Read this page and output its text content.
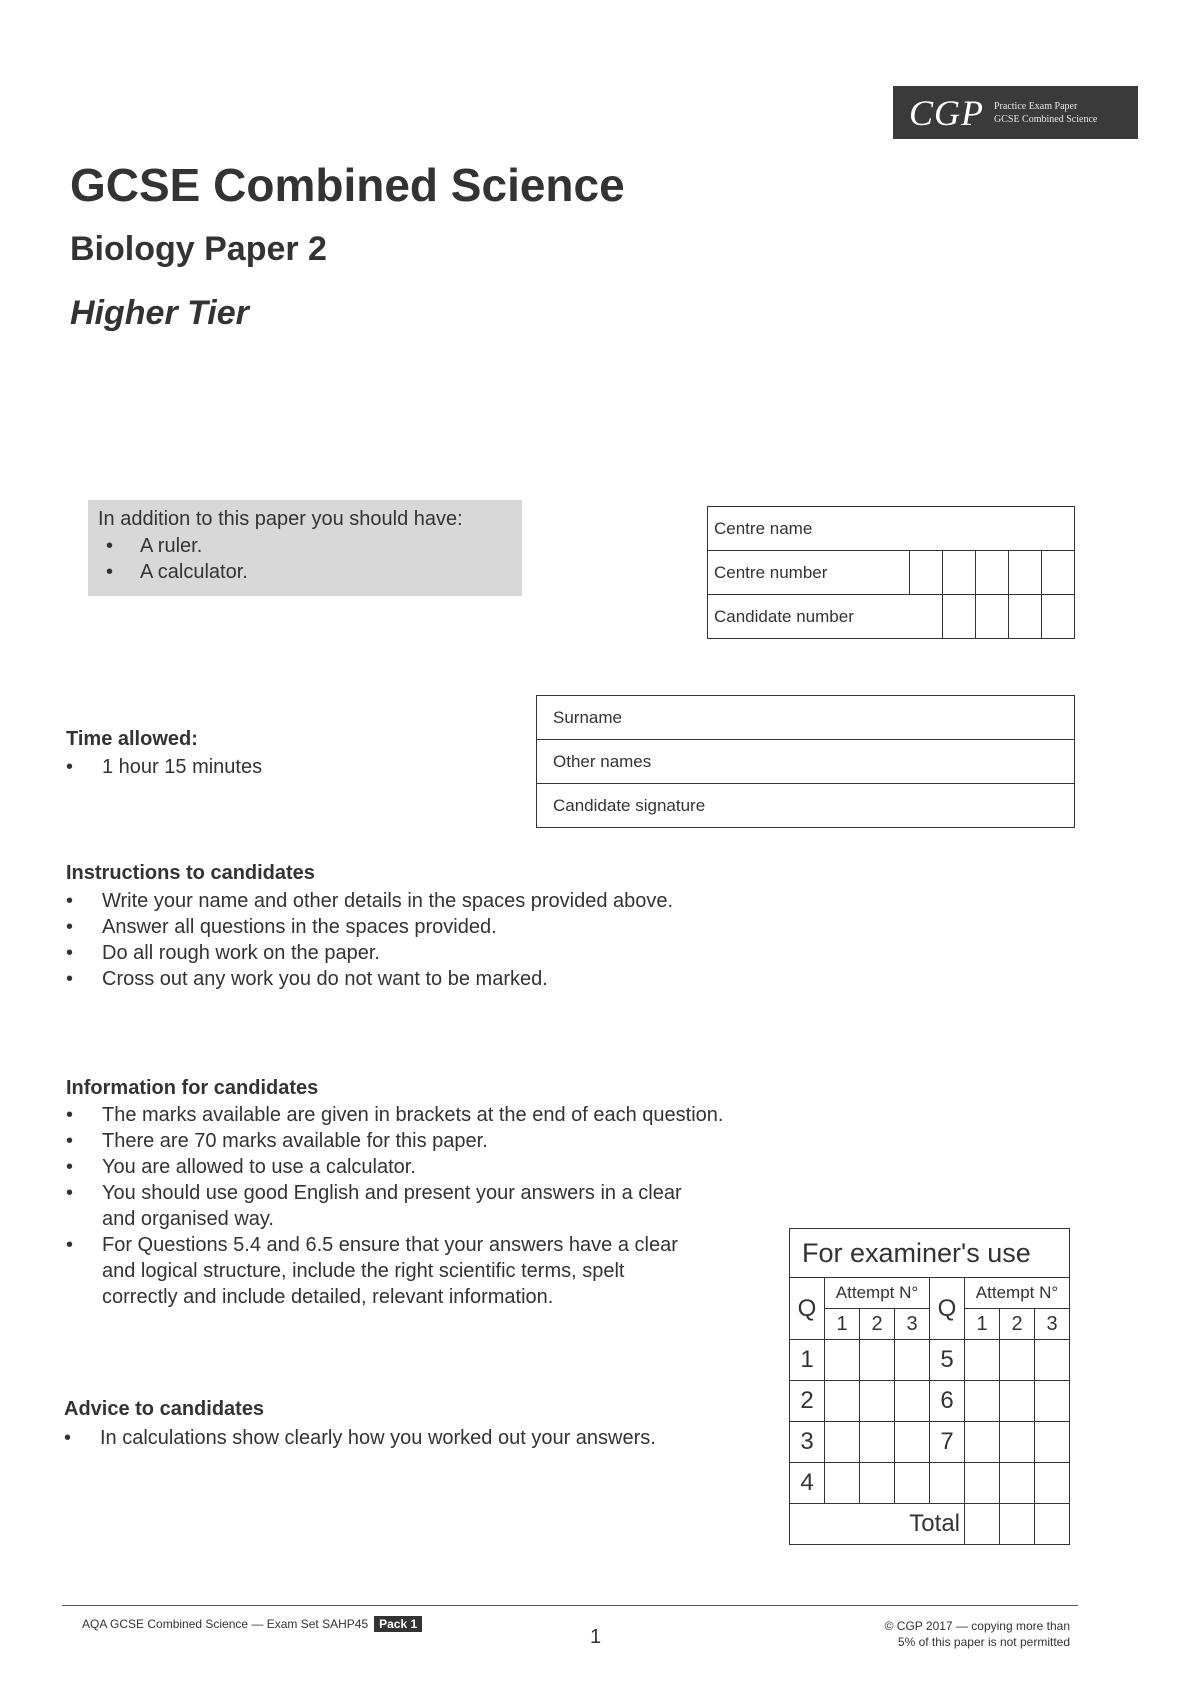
CGP Practice Exam Paper
GCSE Combined Science
GCSE Combined Science
Biology Paper 2
Higher Tier
In addition to this paper you should have:
•	A ruler.
•	A calculator.
Centre name					
Centre number					
Candidate number					
Surname
Other names
Candidate signature
Time allowed:
• 1 hour 15 minutes
Instructions to candidates
•	Write your name and other details in the spaces provided above.
•	Answer all questions in the spaces provided.
•	Do all rough work on the paper.
•	Cross out any work you do not want to be marked.
Information for candidates
•	The marks available are given in brackets at the end of each question.
•	There are 70 marks available for this paper.
•	You are allowed to use a calculator.
•	You should use good English and present your answers in a clear and organised way.
•	For Questions 5.4 and 6.5 ensure that your answers have a clear and logical structure, include the right scientific terms, spelt correctly and include detailed, relevant information.
Advice to candidates
•	In calculations show clearly how you worked out your answers.
For examiner's use							
Q	Attempt N°			Q	Attempt N°		
	1	2	3		1	2	3
1				5			
2				6			
3				7			
4							
Total							
AQA GCSE Combined Science — Exam Set SAHP45 Pack 1
1	© CGP 2017 — copying more than
5% of this paper is not permitted
